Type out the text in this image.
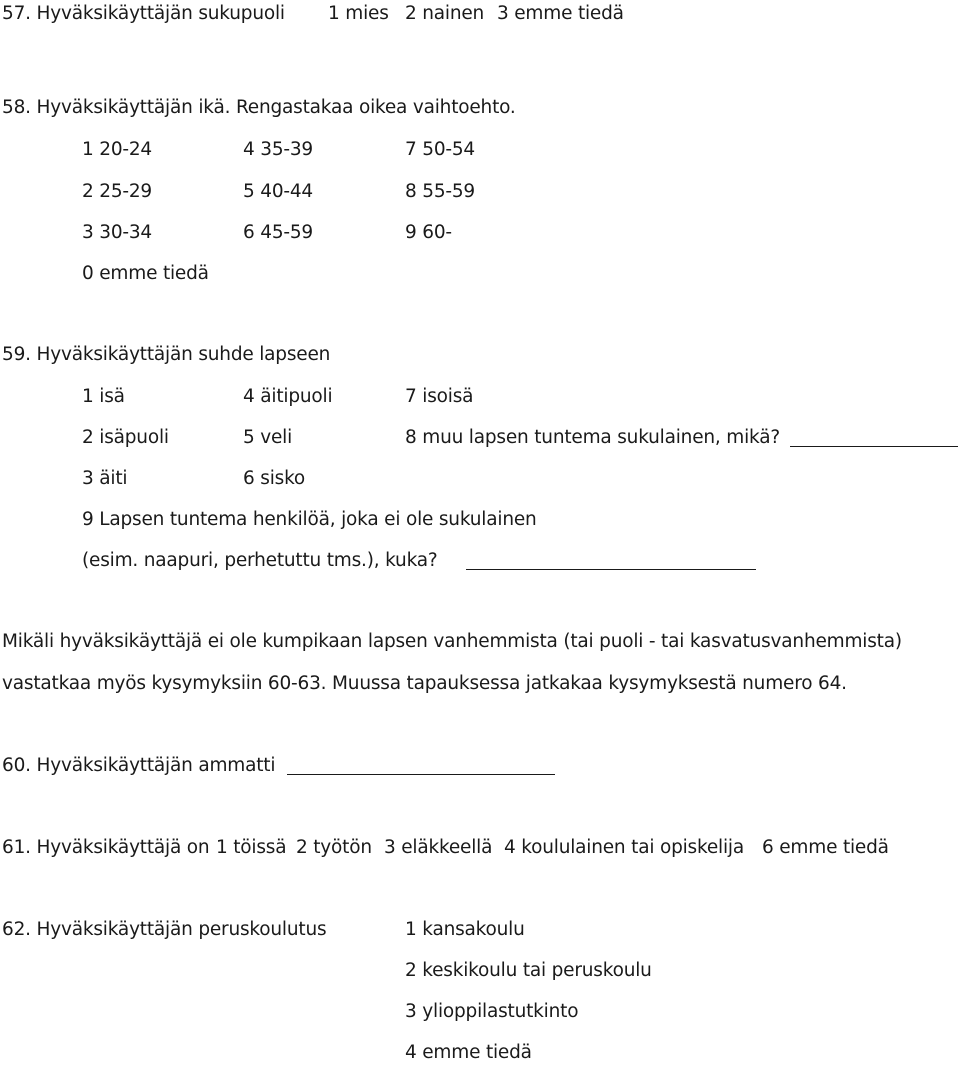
57. Hyväksikäyttäjän sukupuoli 1 mies 2 nainen 3 emme tiedä
58. Hyväksikäyttäjän ikä. Rengastakaa oikea vaihtoehto.
1 20-24	4 35-39	7 50-54
2 25-29	5 40-44	8 55-59
3 30-34	6 45-59	9 60-
0 emme tiedä
59. Hyväksikäyttäjän suhde lapseen
1 isä	4 äitipuoli	7 isoisä
2 isäpuoli	5 veli	8 muu lapsen tuntema sukulainen, mikä?
3 äiti	6 sisko
9 Lapsen tuntema henkilöä, joka ei ole sukulainen
(esim. naapuri, perhetuttu tms.), kuka?
Mikäli hyväksikäyttäjä ei ole kumpikaan lapsen vanhemmista (tai puoli - tai kasvatusvanhemmista)
vastatkaa myös kysymyksiin 60-63. Muussa tapauksessa jatkakaa kysymyksestä numero 64.
60. Hyväksikäyttäjän ammatti
61. Hyväksikäyttäjä on 1 töissä 2 työtön 3 eläkkeellä 4 koululainen tai opiskelija 6 emme tiedä
62. Hyväksikäyttäjän peruskoulutus	1 kansakoulu
2 keskikoulu tai peruskoulu
3 ylioppilastutkinto
4 emme tiedä
